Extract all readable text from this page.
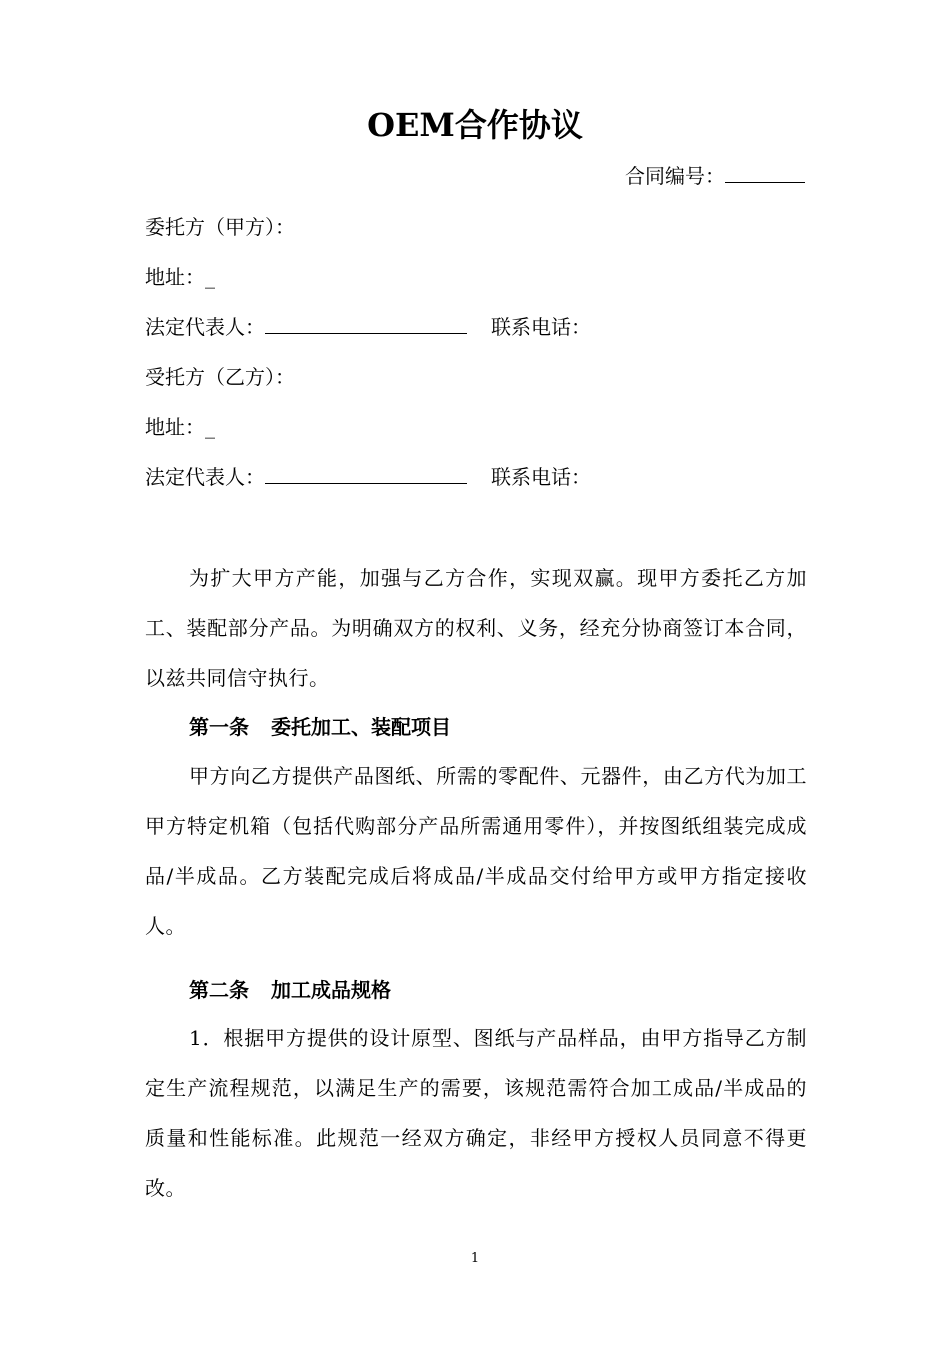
OEM合作协议
合同编号：
委托方（甲方）：
地址：_
法定代表人：	联系电话：
受托方（乙方）：
地址：_
法定代表人：	联系电话：
为扩大甲方产能，加强与乙方合作，实现双赢。现甲方委托乙方加工、装配部分产品。为明确双方的权利、义务，经充分协商签订本合同，以兹共同信守执行。
第一条 委托加工、装配项目
甲方向乙方提供产品图纸、所需的零配件、元器件，由乙方代为加工甲方特定机箱（包括代购部分产品所需通用零件），并按图纸组装完成成品/半成品。乙方装配完成后将成品/半成品交付给甲方或甲方指定接收人。
第二条 加工成品规格
1．根据甲方提供的设计原型、图纸与产品样品，由甲方指导乙方制定生产流程规范，以满足生产的需要，该规范需符合加工成品/半成品的质量和性能标准。此规范一经双方确定，非经甲方授权人员同意不得更改。
1
